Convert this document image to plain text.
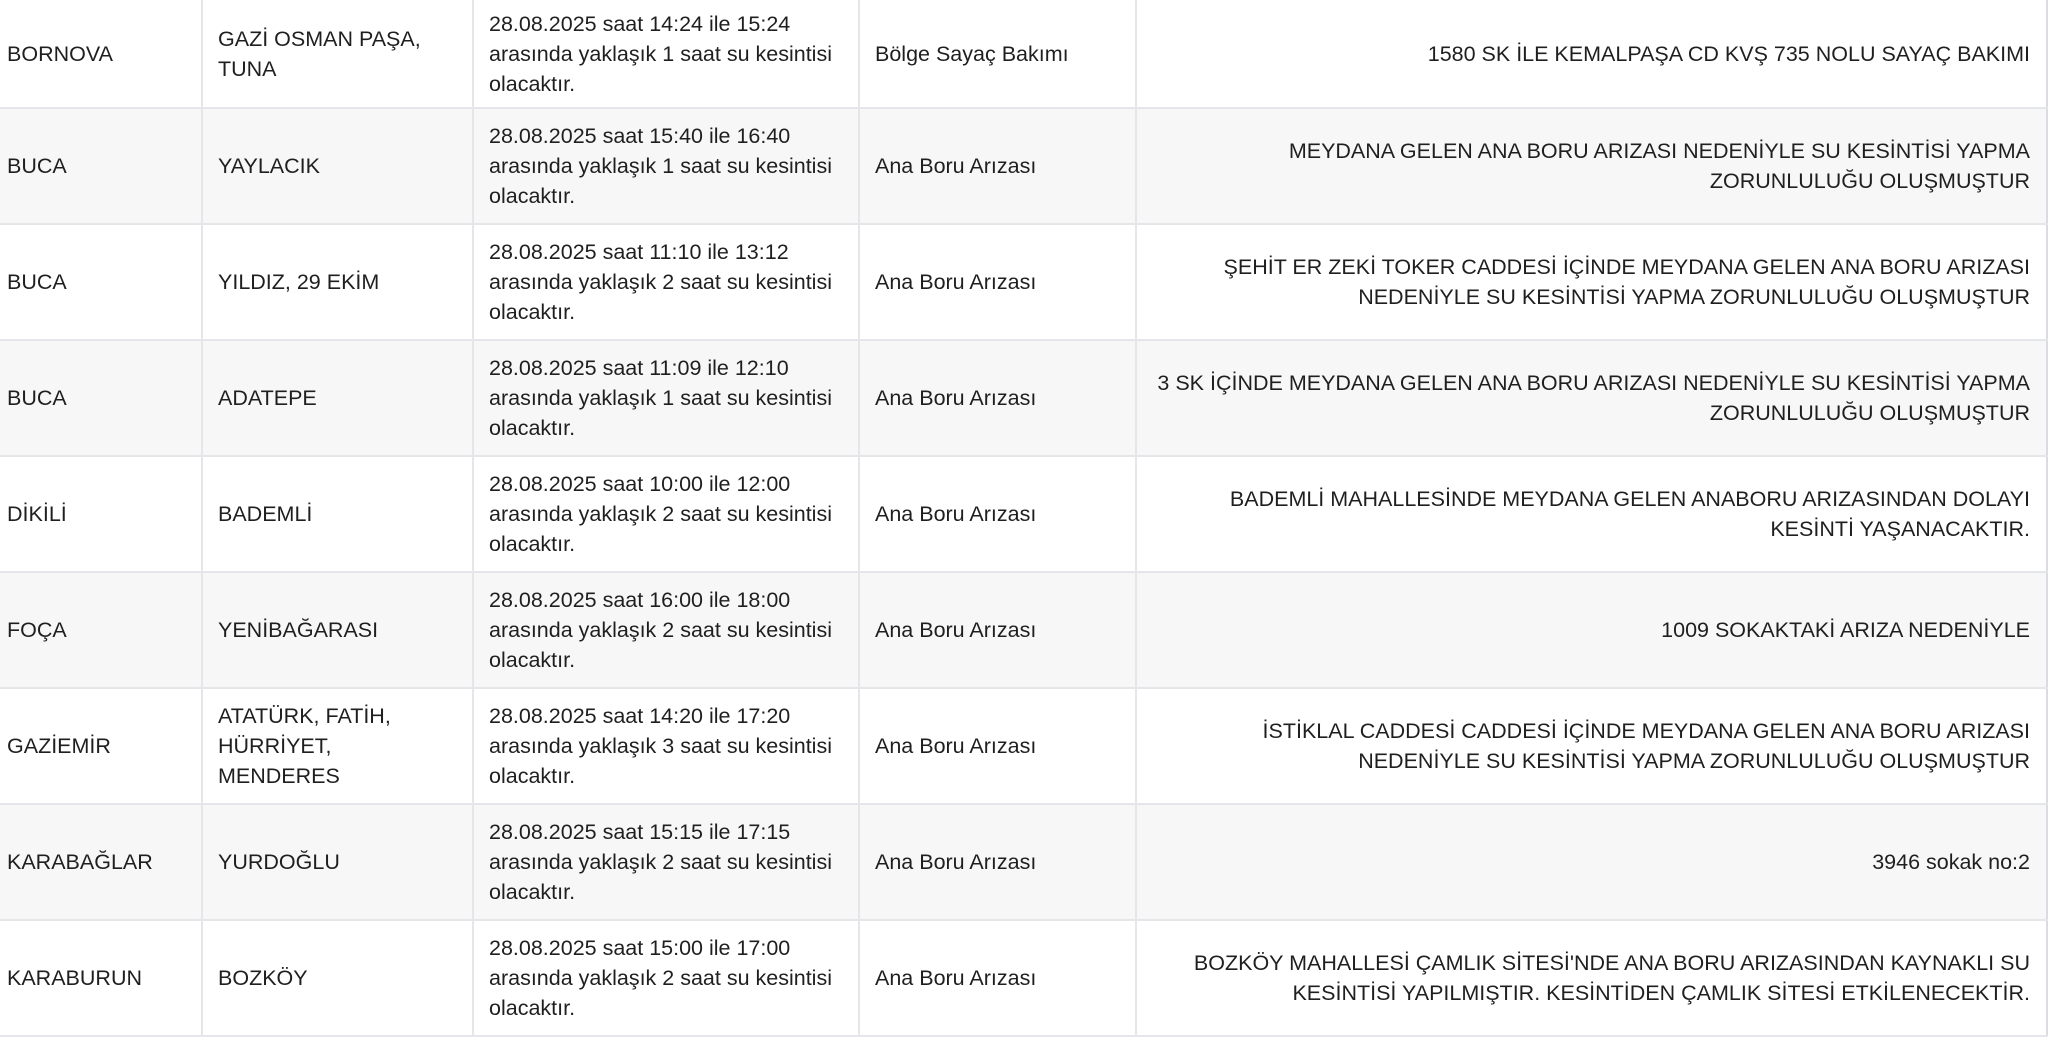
BORNOVA	GAZİ OSMAN PAŞA, TUNA	28.08.2025 saat 14:24 ile 15:24 arasında yaklaşık 1 saat su kesintisi olacaktır.	Bölge Sayaç Bakımı	1580 SK İLE KEMALPAŞA CD KVŞ 735 NOLU SAYAÇ BAKIMI
BUCA	YAYLACIK	28.08.2025 saat 15:40 ile 16:40 arasında yaklaşık 1 saat su kesintisi olacaktır.	Ana Boru Arızası	MEYDANA GELEN ANA BORU ARIZASI NEDENİYLE SU KESİNTİSİ YAPMA ZORUNLULUĞU OLUŞMUŞTUR
BUCA	YILDIZ, 29 EKİM	28.08.2025 saat 11:10 ile 13:12 arasında yaklaşık 2 saat su kesintisi olacaktır.	Ana Boru Arızası	ŞEHİT ER ZEKİ TOKER CADDESİ İÇİNDE MEYDANA GELEN ANA BORU ARIZASI NEDENİYLE SU KESİNTİSİ YAPMA ZORUNLULUĞU OLUŞMUŞTUR
BUCA	ADATEPE	28.08.2025 saat 11:09 ile 12:10 arasında yaklaşık 1 saat su kesintisi olacaktır.	Ana Boru Arızası	3 SK İÇİNDE MEYDANA GELEN ANA BORU ARIZASI NEDENİYLE SU KESİNTİSİ YAPMA ZORUNLULUĞU OLUŞMUŞTUR
DİKİLİ	BADEMLİ	28.08.2025 saat 10:00 ile 12:00 arasında yaklaşık 2 saat su kesintisi olacaktır.	Ana Boru Arızası	BADEMLİ MAHALLESİNDE MEYDANA GELEN ANABORU ARIZASINDAN DOLAYI KESİNTİ YAŞANACAKTIR.
FOÇA	YENİBAĞARASI	28.08.2025 saat 16:00 ile 18:00 arasında yaklaşık 2 saat su kesintisi olacaktır.	Ana Boru Arızası	1009 SOKAKTAKİ ARIZA NEDENİYLE
GAZİEMİR	ATATÜRK, FATİH, HÜRRİYET, MENDERES	28.08.2025 saat 14:20 ile 17:20 arasında yaklaşık 3 saat su kesintisi olacaktır.	Ana Boru Arızası	İSTİKLAL CADDESİ CADDESİ İÇİNDE MEYDANA GELEN ANA BORU ARIZASI NEDENİYLE SU KESİNTİSİ YAPMA ZORUNLULUĞU OLUŞMUŞTUR
KARABAĞLAR	YURDOĞLU	28.08.2025 saat 15:15 ile 17:15 arasında yaklaşık 2 saat su kesintisi olacaktır.	Ana Boru Arızası	3946 sokak no:2
KARABURUN	BOZKÖY	28.08.2025 saat 15:00 ile 17:00 arasında yaklaşık 2 saat su kesintisi olacaktır.	Ana Boru Arızası	BOZKÖY MAHALLESİ ÇAMLIK SİTESİ'NDE ANA BORU ARIZASINDAN KAYNAKLI SU KESİNTİSİ YAPILMIŞTIR. KESİNTİDEN ÇAMLIK SİTESİ ETKİLENECEKTİR.
